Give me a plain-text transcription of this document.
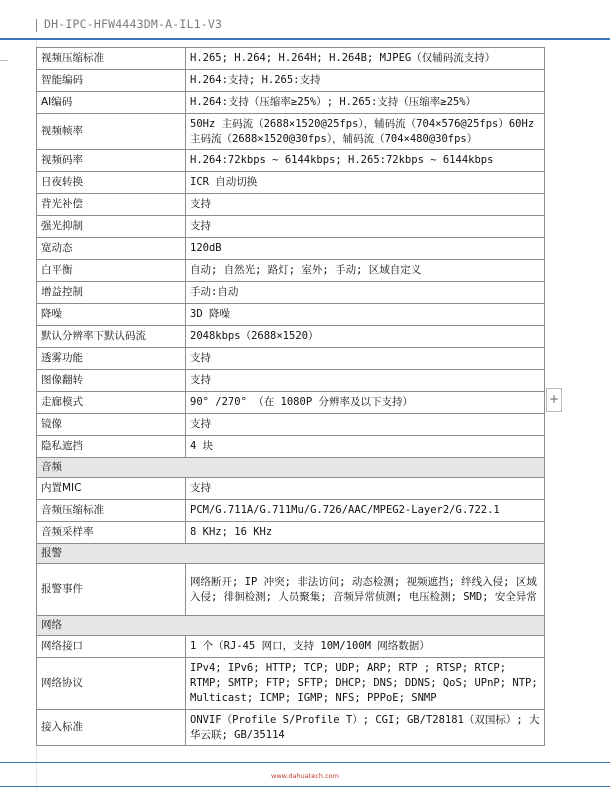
DH-IPC-HFW4443DM-A-IL1-V3
视频压缩标准	H.265; H.264; H.264H; H.264B; MJPEG（仅辅码流支持）
智能编码	H.264:支持; H.265:支持
AI编码	H.264:支持（压缩率≥25%）; H.265:支持（压缩率≥25%）
视频帧率	50Hz 主码流（2688×1520@25fps），辅码流（704×576@25fps）60Hz 主码流（2688×1520@30fps），辅码流（704×480@30fps）
视频码率	H.264:72kbps ~ 6144kbps; H.265:72kbps ~ 6144kbps
日夜转换	ICR 自动切换
背光补偿	支持
强光抑制	支持
宽动态	120dB
白平衡	自动; 自然光; 路灯; 室外; 手动; 区域自定义
增益控制	手动:自动
降噪	3D 降噪
默认分辨率下默认码流	2048kbps（2688×1520）
透雾功能	支持
图像翻转	支持
走廊模式	90° /270° （在 1080P 分辨率及以下支持）
镜像	支持
隐私遮挡	4 块
音频	
内置MIC	支持
音频压缩标准	PCM/G.711A/G.711Mu/G.726/AAC/MPEG2-Layer2/G.722.1
音频采样率	8 KHz; 16 KHz
报警	
报警事件	网络断开; IP 冲突; 非法访问; 动态检测; 视频遮挡; 绊线入侵; 区域入侵; 徘徊检测; 人员聚集; 音频异常侦测; 电压检测; SMD; 安全异常
网络	
网络接口	1 个（RJ-45 网口，支持 10M/100M 网络数据）
网络协议	IPv4; IPv6; HTTP; TCP; UDP; ARP; RTP ; RTSP; RTCP; RTMP; SMTP; FTP; SFTP; DHCP; DNS; DDNS; QoS; UPnP; NTP; Multicast; ICMP; IGMP; NFS; PPPoE; SNMP
接入标准	ONVIF（Profile S/Profile T）; CGI; GB/T28181（双国标）; 大华云联; GB/35114
+
www.dahuatech.com
